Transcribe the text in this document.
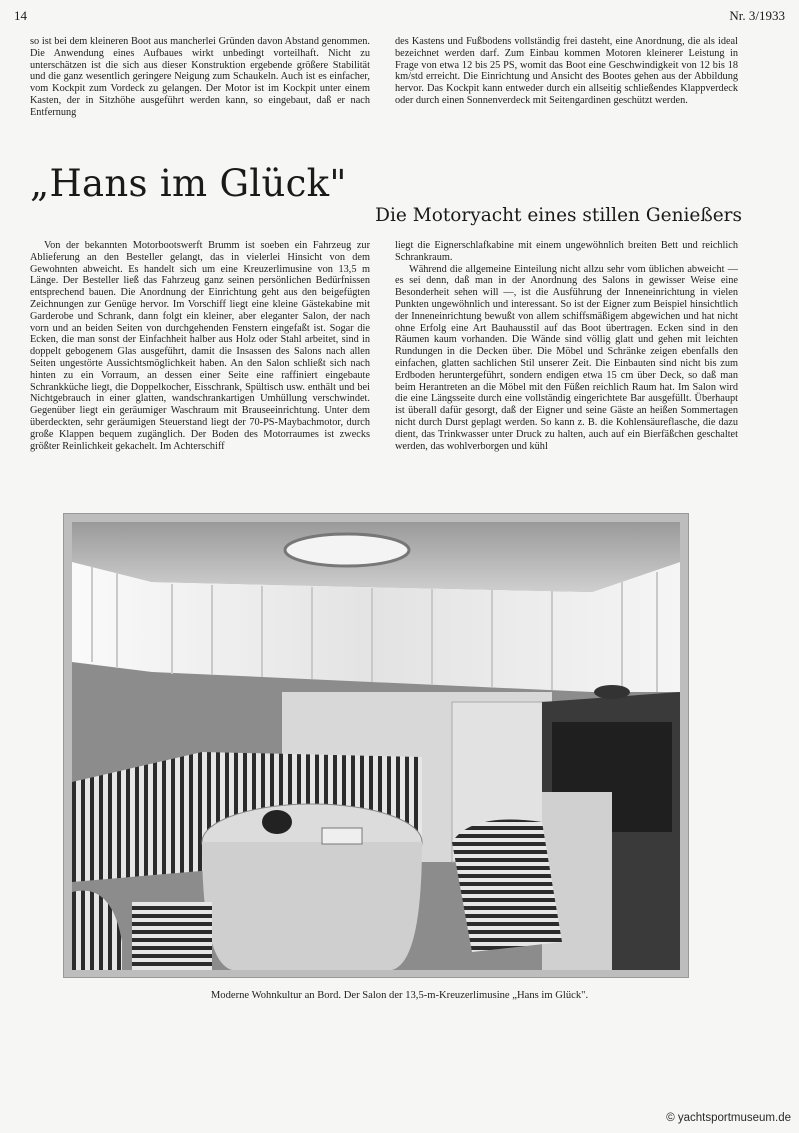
14	Nr. 3/1933

so ist bei dem kleineren Boot aus mancherlei Gründen davon Abstand genommen. Die Anwendung eines Aufbaues wirkt unbedingt vorteilhaft. Nicht zu unterschätzen ist die sich aus dieser Konstruktion ergebende größere Stabilität und die ganz wesentlich geringere Neigung zum Schaukeln. Auch ist es einfacher, vom Kockpit zum Vordeck zu gelangen. Der Motor ist im Kockpit unter einem Kasten, der in Sitzhöhe ausgeführt werden kann, so eingebaut, daß er nach Entfernung

des Kastens und Fußbodens vollständig frei dasteht, eine Anordnung, die als ideal bezeichnet werden darf. Zum Einbau kommen Motoren kleinerer Leistung in Frage von etwa 12 bis 25 PS, womit das Boot eine Geschwindigkeit von 12 bis 18 km/std erreicht. Die Einrichtung und Ansicht des Bootes gehen aus der Abbildung hervor. Das Kockpit kann entweder durch ein allseitig schließendes Klappverdeck oder durch einen Sonnenverdeck mit Seitengardinen geschützt werden.

„Hans im Glück"
Die Motoryacht eines stillen Genießers

Von der bekannten Motorbootswerft Brumm ist soeben ein Fahrzeug zur Ablieferung an den Besteller gelangt, das in vielerlei Hinsicht von dem Gewohnten abweicht. Es handelt sich um eine Kreuzerlimusine von 13,5 m Länge. Der Besteller ließ das Fahrzeug ganz seinen persönlichen Bedürfnissen entsprechend bauen. Die Anordnung der Einrichtung geht aus den beigefügten Zeichnungen zur Genüge hervor. Im Vorschiff liegt eine kleine Gästekabine mit Garderobe und Schrank, dann folgt ein kleiner, aber eleganter Salon, der nach vorn und an beiden Seiten von durchgehenden Fenstern eingefaßt ist. Sogar die Ecken, die man sonst der Einfachheit halber aus Holz oder Stahl arbeitet, sind in doppelt gebogenem Glas ausgeführt, damit die Insassen des Salons nach allen Seiten ungestörte Aussichtsmöglichkeit haben. An den Salon schließt sich nach hinten zu ein Vorraum, an dessen einer Seite eine raffiniert eingebaute Schrankküche liegt, die Doppelkocher, Eisschrank, Spültisch usw. enthält und bei Nichtgebrauch in einer glatten, wandschrankartigen Umhüllung verschwindet. Gegenüber liegt ein geräumiger Waschraum mit Brauseeinrichtung. Unter dem überdeckten, sehr geräumigen Steuerstand liegt der 70-PS-Maybachmotor, durch große Klappen bequem zugänglich. Der Boden des Motorraumes ist zwecks größter Reinlichkeit gekachelt. Im Achterschiff

liegt die Eignerschlafkabine mit einem ungewöhnlich breiten Bett und reichlich Schrankraum.

Während die allgemeine Einteilung nicht allzu sehr vom üblichen abweicht — es sei denn, daß man in der Anordnung des Salons in gewisser Weise eine Besonderheit sehen will —, ist die Ausführung der Inneneinrichtung in vielen Punkten ungewöhnlich und interessant. So ist der Eigner zum Beispiel hinsichtlich der Inneneinrichtung bewußt von allem schiffsmäßigem abgewichen und hat nicht ohne Erfolg eine Art Bauhausstil auf das Boot übertragen. Ecken sind in den Räumen kaum vorhanden. Die Wände sind völlig glatt und gehen mit leichten Rundungen in die Decken über. Die Möbel und Schränke zeigen ebenfalls den einfachen, glatten sachlichen Stil unserer Zeit. Die Einbauten sind nicht bis zum Erdboden heruntergeführt, sondern endigen etwa 15 cm über Deck, so daß man beim Herantreten an die Möbel mit den Füßen reichlich Raum hat. Im Salon wird die eine Längsseite durch eine vollständig eingerichtete Bar ausgefüllt. Überhaupt ist überall dafür gesorgt, daß der Eigner und seine Gäste an heißen Sommertagen nicht durch Durst geplagt werden. So kann z. B. die Kohlensäureflasche, die dazu dient, das Trinkwasser unter Druck zu halten, auch auf ein Bierfäßchen geschaltet werden, das wohlverborgen und kühl

Moderne Wohnkultur an Bord. Der Salon der 13,5-m-Kreuzerlimusine „Hans im Glück".
© yachtsportmuseum.de
